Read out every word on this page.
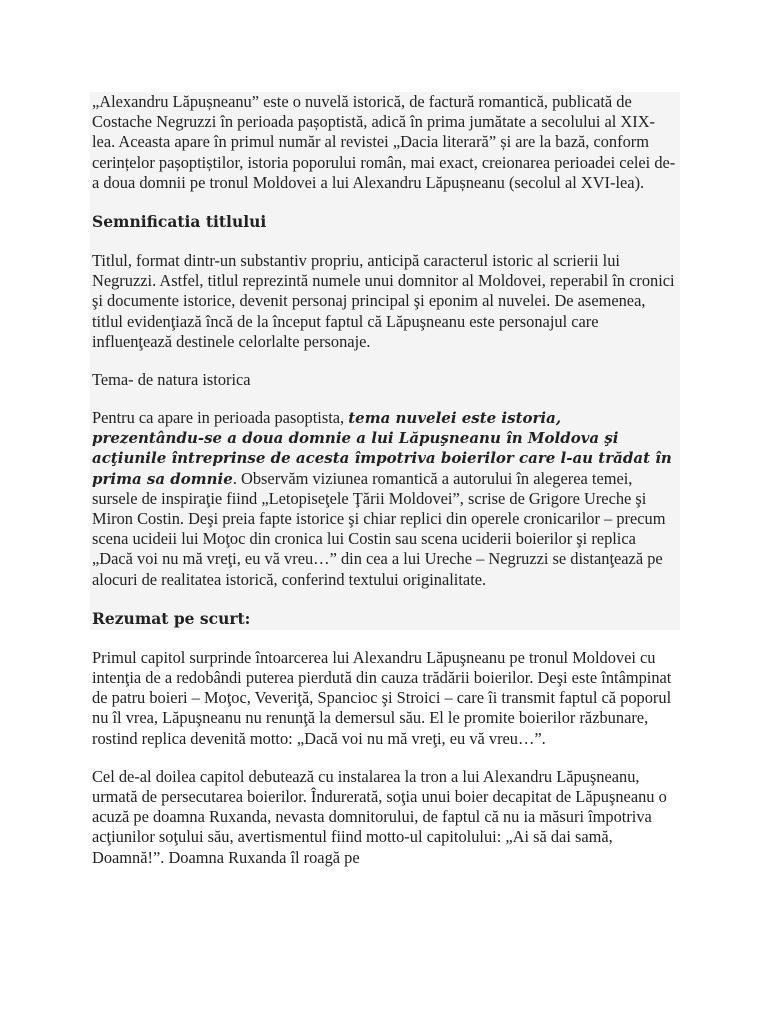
„Alexandru Lăpușneanu” este o nuvelă istorică, de factură romantică, publicată de Costache Negruzzi în perioada pașoptistă, adică în prima jumătate a secolului al XIX-lea. Aceasta apare în primul număr al revistei „Dacia literară” și are la bază, conform cerințelor pașoptiștilor, istoria poporului român, mai exact, creionarea perioadei celei de-a doua domnii pe tronul Moldovei a lui Alexandru Lăpușneanu (secolul al XVI-lea).

Semnificatia titlului

Titlul, format dintr-un substantiv propriu, anticipă caracterul istoric al scrierii lui Negruzzi. Astfel, titlul reprezintă numele unui domnitor al Moldovei, reperabil în cronici şi documente istorice, devenit personaj principal şi eponim al nuvelei. De asemenea, titlul evidenţiază încă de la început faptul că Lăpuşneanu este personajul care influenţează destinele celorlalte personaje.

Tema- de natura istorica

Pentru ca apare in perioada pasoptista, tema nuvelei este istoria, prezentându-se a doua domnie a lui Lăpuşneanu în Moldova şi acţiunile întreprinse de acesta împotriva boierilor care l-au trădat în prima sa domnie. Observăm viziunea romantică a autorului în alegerea temei, sursele de inspiraţie fiind „Letopiseţele Ţării Moldovei”, scrise de Grigore Ureche şi Miron Costin. Deşi preia fapte istorice şi chiar replici din operele cronicarilor – precum scena ucideii lui Moţoc din cronica lui Costin sau scena uciderii boierilor şi replica „Dacă voi nu mă vreţi, eu vă vreu…” din cea a lui Ureche – Negruzzi se distanţează pe alocuri de realitatea istorică, conferind textului originalitate.

Rezumat pe scurt:

Primul capitol surprinde întoarcerea lui Alexandru Lăpuşneanu pe tronul Moldovei cu intenţia de a redobândi puterea pierdută din cauza trădării boierilor. Deşi este întâmpinat de patru boieri – Moţoc, Veveriţă, Spancioc şi Stroici – care îi transmit faptul că poporul nu îl vrea, Lăpuşneanu nu renunţă la demersul său. El le promite boierilor răzbunare, rostind replica devenită motto: „Dacă voi nu mă vreţi, eu vă vreu…”.

Cel de-al doilea capitol debutează cu instalarea la tron a lui Alexandru Lăpuşneanu, urmată de persecutarea boierilor. Îndurerată, soţia unui boier decapitat de Lăpuşneanu o acuză pe doamna Ruxanda, nevasta domnitorului, de faptul că nu ia măsuri împotriva acţiunilor soţului său, avertismentul fiind motto-ul capitolului: „Ai să dai samă, Doamnă!”. Doamna Ruxanda îl roagă pe
